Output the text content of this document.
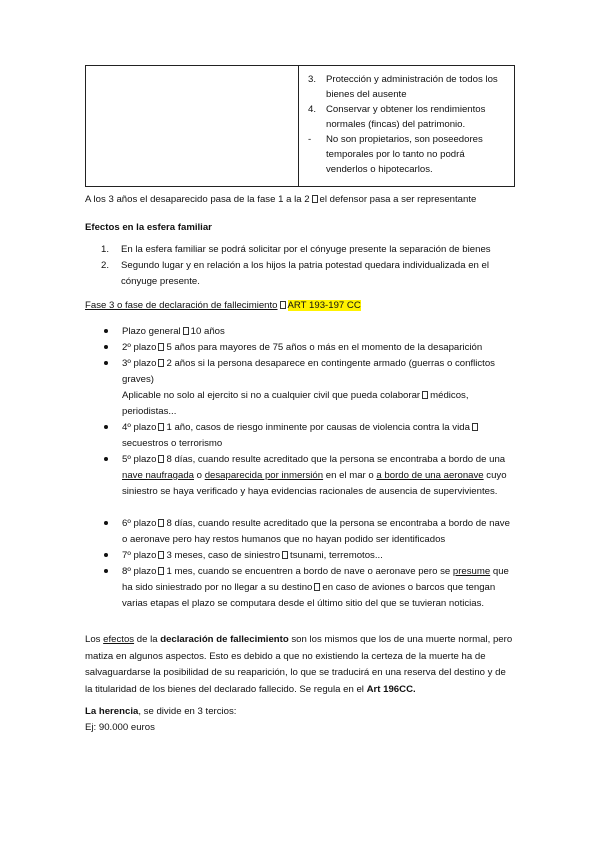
3.	Protección y administración de todos los bienes del ausente
4.	Conservar y obtener los rendimientos normales (fincas) del patrimonio.
-	No son propietarios, son poseedores temporales por lo tanto no podrá venderlos o hipotecarlos.
A los 3 años el desaparecido pasa de la fase 1 a la 2 el defensor pasa a ser representante
Efectos en la esfera familiar
1. En la esfera familiar se podrá solicitar por el cónyuge presente la separación de bienes
2. Segundo lugar y en relación a los hijos la patria potestad quedara individualizada en el cónyuge presente.
Fase 3 o fase de declaración de fallecimiento ART 193-197 CC
Plazo general 10 años
2º plazo 5 años para mayores de 75 años o más en el momento de la desaparición
3º plazo 2 años si la persona desaparece en contingente armado (guerras o conflictos graves)
Aplicable no solo al ejercito si no a cualquier civil que pueda colaborar médicos, periodistas...
4º plazo 1 año, casos de riesgo inminente por causas de violencia contra la vidasecuestros o terrorismo
5º plazo 8 días, cuando resulte acreditado que la persona se encontraba a bordo de una nave naufragada o desaparecida por inmersión en el mar o a bordo de una aeronave cuyo siniestro se haya verificado y haya evidencias racionales de ausencia de supervivientes.
6º plazo 8 días, cuando resulte acreditado que la persona se encontraba a bordo de nave o aeronave pero hay restos humanos que no hayan podido ser identificados
7º plazo 3 meses, caso de siniestro tsunami, terremotos...
8º plazo 1 mes, cuando se encuentren a bordo de nave o aeronave pero se presume que ha sido siniestrado por no llegar a su destino en caso de aviones o barcos que tengan varias etapas el plazo se computara desde el último sitio del que se tuvieran noticias.
Los efectos de la declaración de fallecimiento son los mismos que los de una muerte normal, pero matiza en algunos aspectos. Esto es debido a que no existiendo la certeza de la muerte ha de salvaguardarse la posibilidad de su reaparición, lo que se traducirá en una reserva del destino y de la titularidad de los bienes del declarado fallecido. Se regula en el Art 196CC.
La herencia, se divide en 3 tercios:
Ej: 90.000 euros
